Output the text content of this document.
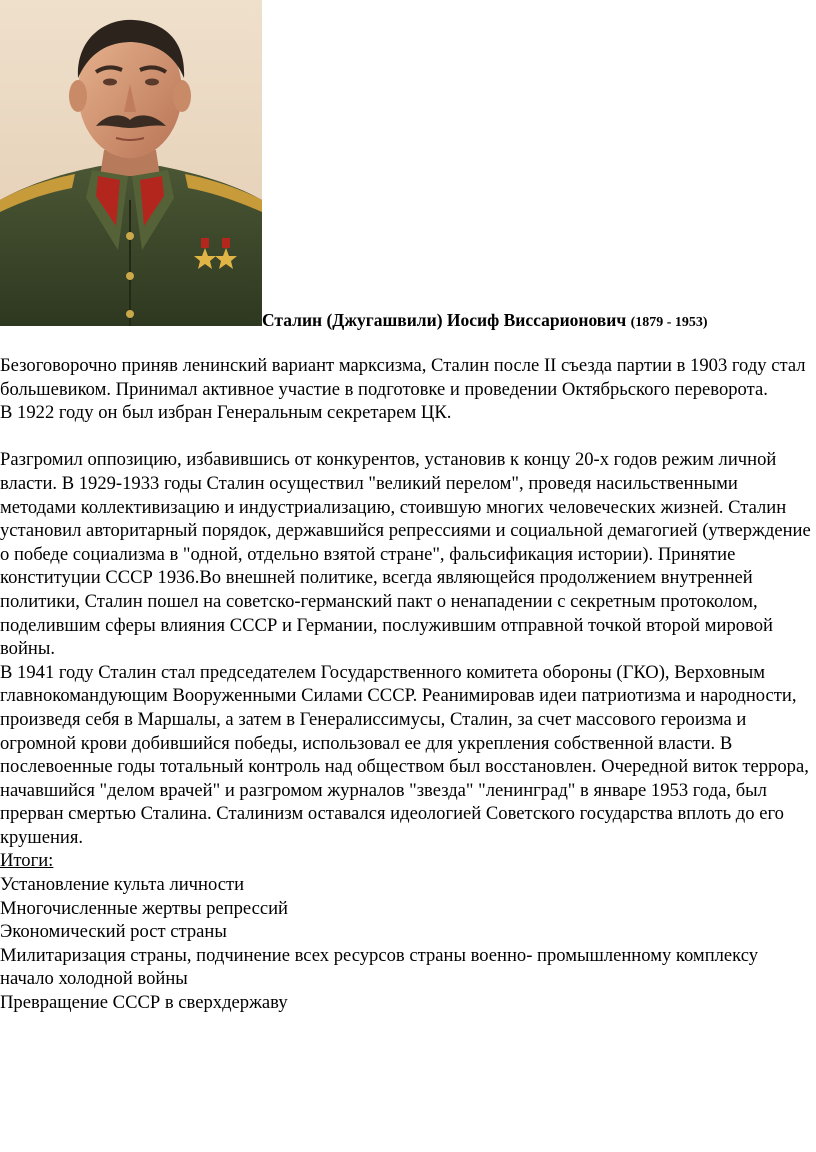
Сталин (Джугашвили) Иосиф Виссарионович (1879 - 1953)

Безоговорочно приняв ленинский вариант марксизма, Сталин после II съезда партии в 1903 году стал большевиком. Принимал активное участие в подготовке и проведении Октябрьского переворота.

В 1922 году он был избран Генеральным секретарем ЦК.

Разгромил оппозицию, избавившись от конкурентов, установив к концу 20-х годов режим личной власти. В 1929-1933 годы Сталин осуществил "великий перелом", проведя насильственными методами коллективизацию и индустриализацию, стоившую многих человеческих жизней. Сталин установил авторитарный порядок, державшийся репрессиями и социальной демагогией (утверждение о победе социализма в "одной, отдельно взятой стране", фальсификация истории). Принятие конституции СССР 1936.Во внешней политике, всегда являющейся продолжением внутренней политики, Сталин пошел на советско-германский пакт о ненападении с секретным протоколом, поделившим сферы влияния СССР и Германии, послужившим отправной точкой второй мировой войны.

В 1941 году Сталин стал председателем Государственного комитета обороны (ГКО), Верховным главнокомандующим Вооруженными Силами СССР. Реанимировав идеи патриотизма и народности, произведя себя в Маршалы, а затем в Генералиссимусы, Сталин, за счет массового героизма и огромной крови добившийся победы, использовал ее для укрепления собственной власти. В послевоенные годы тотальный контроль над обществом был восстановлен. Очередной виток террора, начавшийся "делом врачей" и разгромом журналов "звезда" "ленинград" в январе 1953 года, был прерван смертью Сталина. Сталинизм оставался идеологией Советского государства вплоть до его крушения.

Итоги:

Установление культа личности

Многочисленные жертвы репрессий

Экономический рост страны

Милитаризация страны, подчинение всех ресурсов страны военно- промышленному комплексу

начало холодной войны

Превращение СССР в сверхдержаву
